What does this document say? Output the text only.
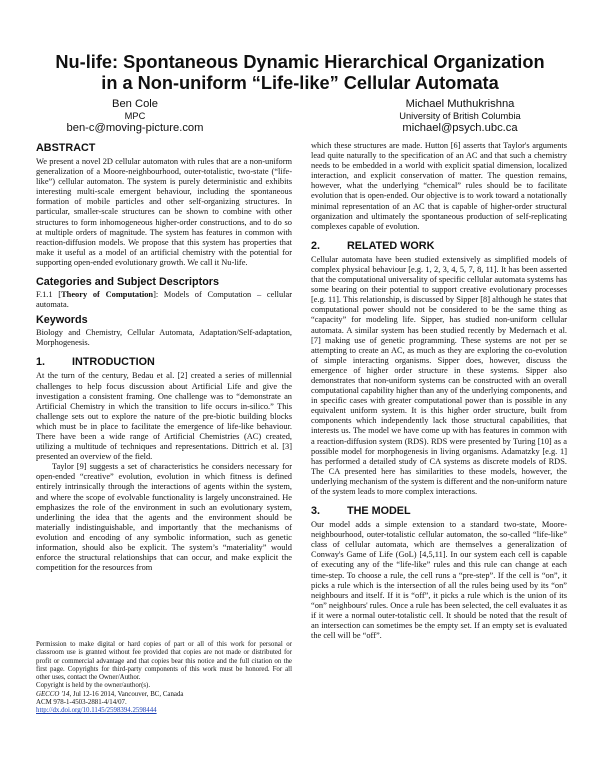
Nu-life: Spontaneous Dynamic Hierarchical Organization
in a Non-uniform “Life-like” Cellular Automata
Ben Cole
MPC
ben-c@moving-picture.com
Michael Muthukrishna
University of British Columbia
michael@psych.ubc.ca
ABSTRACT

We present a novel 2D cellular automaton with rules that are a non-uniform generalization of a Moore-neighbourhood, outer-totalistic, two-state (“life-like”) cellular automaton. The system is purely deterministic and exhibits interesting multi-scale emergent behaviour, including the spontaneous formation of mobile particles and other self-organizing structures. In particular, smaller-scale structures can be shown to combine with other structures to form inhomogeneous higher-order constructions, and to do so at multiple orders of magnitude. The system has features in common with reaction-diffusion models. We propose that this system has properties that make it useful as a model of an artificial chemistry with the potential for supporting open-ended evolutionary growth. We call it Nu-life.

Categories and Subject Descriptors

F.1.1 [Theory of Computation]: Models of Computation – cellular automata.

Keywords

Biology and Chemistry, Cellular Automata, Adaptation/Self-adaptation, Morphogenesis.

1. INTRODUCTION

At the turn of the century, Bedau et al. [2] created a series of millennial challenges to help focus discussion about Artificial Life and give the investigation a consistent framing. One challenge was to “demonstrate an Artificial Chemistry in which the transition to life occurs in-silico.” This challenge sets out to explore the nature of the pre-biotic building blocks which must be in place to facilitate the emergence of life-like behaviour. There have been a wide range of Artificial Chemistries (AC) created, utilizing a multitude of techniques and representations. Dittrich et al. [3] presented an overview of the field.

Taylor [9] suggests a set of characteristics he considers necessary for open-ended “creative” evolution, evolution in which fitness is defined entirely intrinsically through the interactions of agents within the system, and where the scope of evolvable functionality is largely unconstrained. He emphasizes the role of the environment in such an evolutionary system, underlining the idea that the agents and the environment should be materially indistinguishable, and importantly that the mechanisms of evolution and encoding of any symbolic information, such as genetic information, should also be explicit. The system’s “materiality” would enforce the structural relationships that can occur, and make explicit the competition for the resources from

Permission to make digital or hard copies of part or all of this work for personal or classroom use is granted without fee provided that copies are not made or distributed for profit or commercial advantage and that copies bear this notice and the full citation on the first page. Copyrights for third-party components of this work must be honored. For all other uses, contact the Owner/Author.

Copyright is held by the owner/author(s).

GECCO '14, Jul 12-16 2014, Vancouver, BC, Canada

ACM 978-1-4503-2881-4/14/07.

http://dx.doi.org/10.1145/2598394.2598444

which these structures are made. Hutton [6] asserts that Taylor's arguments lead quite naturally to the specification of an AC and that such a chemistry needs to be embedded in a world with explicit spatial dimension, localized interaction, and explicit conservation of matter. The question remains, however, what the underlying “chemical” rules should be to facilitate evolution that is open-ended. Our objective is to work toward a notationally minimal representation of an AC that is capable of higher-order structural organization and ultimately the spontaneous production of self-replicating complexes capable of evolution.

2. RELATED WORK

Cellular automata have been studied extensively as simplified models of complex physical behaviour [e.g. 1, 2, 3, 4, 5, 7, 8, 11]. It has been asserted that the computational universality of specific cellular automata systems has some bearing on their potential to support creative evolutionary processes [e.g. 11]. This relationship, is discussed by Sipper [8] although he states that computational power should not be considered to be the same thing as “capacity” for modeling life. Sipper, has studied non-uniform cellular automata. A similar system has been studied recently by Medernach et al. [7] making use of genetic programming. These systems are not per se attempting to create an AC, as much as they are exploring the co-evolution of simple interacting organisms. Sipper does, however, discuss the emergence of higher order structure in these systems. Sipper also demonstrates that non-uniform systems can be constructed with an overall computational capability higher than any of the underlying components, and in specific cases with greater computational power than is possible in any equivalent uniform system. It is this higher order structure, built from components which independently lack those structural capabilities, that interests us. The model we have come up with has features in common with a reaction-diffusion system (RDS). RDS were presented by Turing [10] as a possible model for morphogenesis in living organisms. Adamatzky [e.g. 1] has performed a detailed study of CA systems as discrete models of RDS. The CA presented here has similarities to these models, however, the underlying mechanism of the system is different and the non-uniform nature of the system leads to more complex interactions.

3. THE MODEL

Our model adds a simple extension to a standard two-state, Moore-neighbourhood, outer-totalistic cellular automaton, the so-called “life-like” class of cellular automata, which are themselves a generalization of Conway's Game of Life (GoL) [4,5,11]. In our system each cell is capable of executing any of the “life-like” rules and this rule can change at each time-step. To choose a rule, the cell runs a “pre-step”. If the cell is “on”, it picks a rule which is the intersection of all the rules being used by its “on” neighbours and itself. If it is “off”, it picks a rule which is the union of its “on” neighbours' rules. Once a rule has been selected, the cell evaluates it as if it were a normal outer-totalistic cell. It should be noted that the result of an intersection can sometimes be the empty set. If an empty set is evaluated the cell will be “off”.
